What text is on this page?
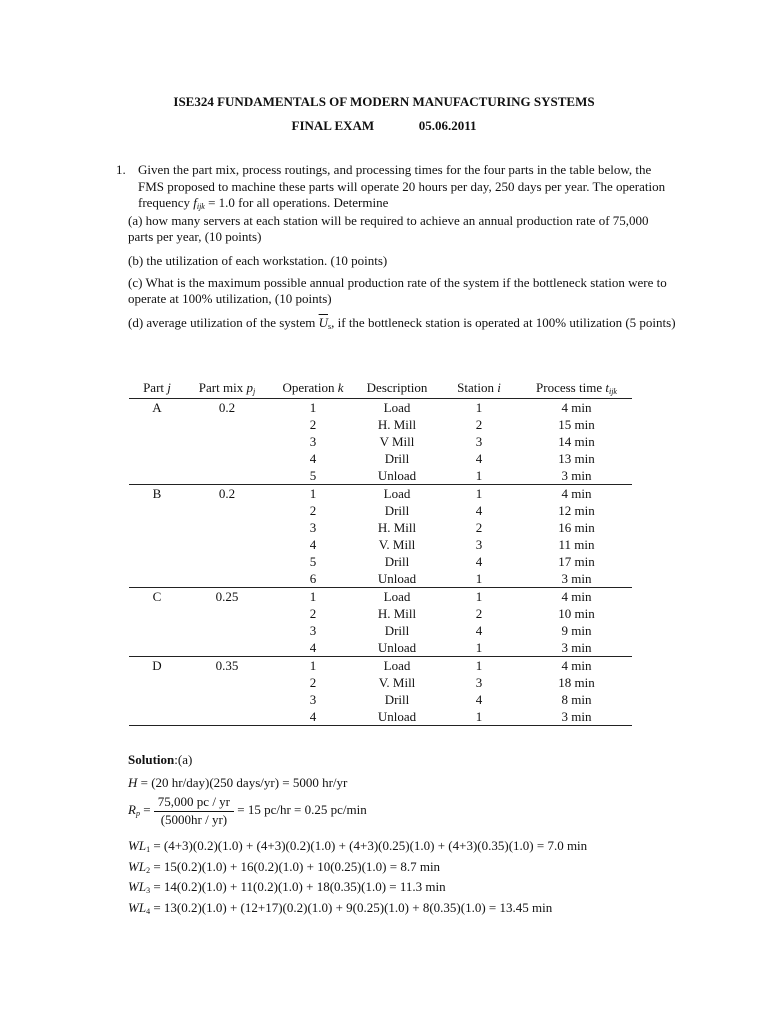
ISE324 FUNDAMENTALS OF MODERN MANUFACTURING SYSTEMS
FINAL EXAM	05.06.2011
1. Given the part mix, process routings, and processing times for the four parts in the table below, the FMS proposed to machine these parts will operate 20 hours per day, 250 days per year. The operation frequency fijk = 1.0 for all operations. Determine
(a) how many servers at each station will be required to achieve an annual production rate of 75,000 parts per year, (10 points)
(b) the utilization of each workstation. (10 points)
(c) What is the maximum possible annual production rate of the system if the bottleneck station were to operate at 100% utilization, (10 points)
(d) average utilization of the system $\overline{U}s$, if the bottleneck station is operated at 100% utilization (5 points)
Part j	Part mix pj	Operation k	Description	Station i	Process time tijk
A	0.2	1	Load	1	4 min
		2	H. Mill	2	15 min
		3	V Mill	3	14 min
		4	Drill	4	13 min
		5	Unload	1	3 min
B	0.2	1	Load	1	4 min
		2	Drill	4	12 min
		3	H. Mill	2	16 min
		4	V. Mill	3	11 min
		5	Drill	4	17 min
		6	Unload	1	3 min
C	0.25	1	Load	1	4 min
		2	H. Mill	2	10 min
		3	Drill	4	9 min
		4	Unload	1	3 min
D	0.35	1	Load	1	4 min
		2	V. Mill	3	18 min
		3	Drill	4	8 min
		4	Unload	1	3 min
Solution:(a)
H = (20 hr/day)(250 days/yr) = 5000 hr/yr
$Rp = \frac{75,000 pc / yr}{(5000hr / yr)} = 15$ pc/hr = 0.25 pc/min
WL1 = (4+3)(0.2)(1.0) + (4+3)(0.2)(1.0) + (4+3)(0.25)(1.0) + (4+3)(0.35)(1.0) = 7.0 min
WL2 = 15(0.2)(1.0) + 16(0.2)(1.0) + 10(0.25)(1.0) = 8.7 min
WL3 = 14(0.2)(1.0) + 11(0.2)(1.0) + 18(0.35)(1.0) = 11.3 min
WL4 = 13(0.2)(1.0) + (12+17)(0.2)(1.0) + 9(0.25)(1.0) + 8(0.35)(1.0) = 13.45 min
